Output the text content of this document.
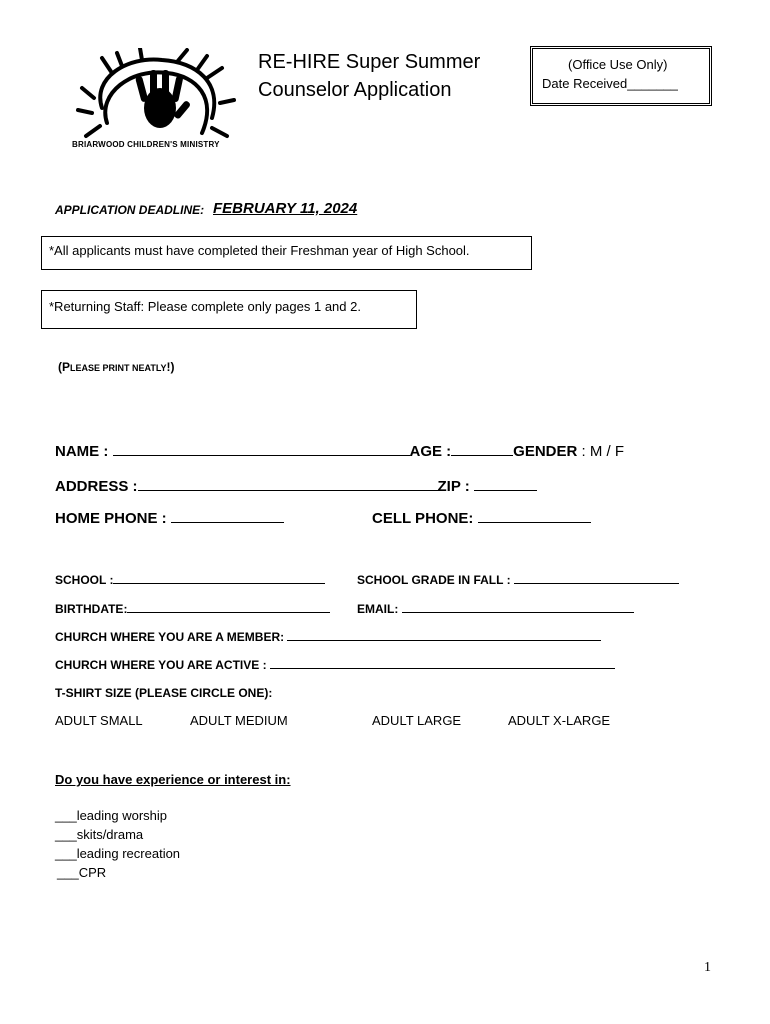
BRIARWOOD CHILDREN'S MINISTRY
RE-HIRE Super Summer
Counselor Application
(Office Use Only)
Date Received_______
APPLICATION DEADLINE: FEBRUARY 11, 2024
*All applicants must have completed their Freshman year of High School.
*Returning Staff: Please complete only pages 1 and 2.
(PLEASE PRINT NEATLY!)
NAME :	AGE :	GENDER : M / F
ADDRESS :	ZIP :
HOME PHONE :	CELL PHONE:
SCHOOL :	SCHOOL GRADE IN FALL :
BIRTHDATE:	EMAIL:
CHURCH WHERE YOU ARE A MEMBER:
CHURCH WHERE YOU ARE ACTIVE :
T-SHIRT SIZE (PLEASE CIRCLE ONE):
ADULT SMALL	ADULT MEDIUM	ADULT LARGE	ADULT X-LARGE
Do you have experience or interest in:
___leading worship
___skits/drama
___leading recreation
___CPR
1
